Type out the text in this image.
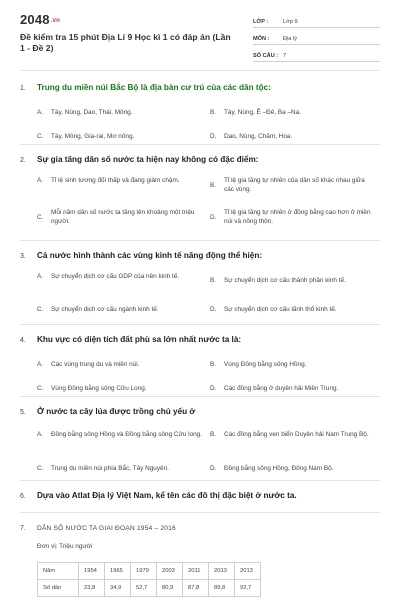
2048.vn
Đề kiểm tra 15 phút Địa Lí 9 Học kì 1 có đáp án (Lần 1 - Đề 2)
LỚP :	Lớp 9
MÔN :	Địa lý
SỐ CÂU : 7
1.	Trung du miền núi Bắc Bộ là địa bàn cư trú của các dân tộc:
A.	Tày, Nùng, Dao, Thái, Mông.	B.	Tày, Nùng, Ê –Đê, Ba –Na.
C.	Tày, Mông, Gia-rai, Mơ nông.	D.	Dao, Nùng, Chăm, Hoa.
2.	Sự gia tăng dân số nước ta hiện nay không có đặc điểm:
A.	Tỉ lệ sinh tương đối thấp và đang giảm chậm.
B.
Tỉ lệ gia tăng tự nhiên của dân số khác nhau giữa các vùng.
C.
Mỗi năm dân số nước ta tăng lên khoảng một triệu người.
D.
Tỉ lệ gia tăng tự nhiên ở đồng bằng cao hơn ở miền núi và nông thôn.
3.	Cả nước hình thành các vùng kinh tế năng động thể hiện:
A.	Sự chuyển dịch cơ cấu GDP của nền kinh tế.
B.	Sự chuyển dịch cơ cấu thành phần kinh tế.
C.	Sự chuyển dịch cơ cấu ngành kinh tế.	D.	Sự chuyển dịch cơ cấu lãnh thổ kinh tế.
4.	Khu vực có diện tích đất phù sa lớn nhất nước ta là:
A.	Các vùng trung du và miền núi.	B.	Vùng Đồng bằng sông Hồng.
C.	Vùng Đồng bằng sông Cửu Long.	D.	Các đồng bằng ở duyên hải Miền Trung.
5.	Ở nước ta cây lúa được trồng chủ yếu ở
A.	Đồng bằng sông Hồng và Đồng bằng sông Cửu long.	B.	Các đồng bằng ven biển Duyên hải Nam Trung Bộ.
C.	Trung du miền núi phía Bắc, Tây Nguyên.	D.	Đồng bằng sông Hồng, Đông Nam Bộ.
6.	Dựa vào Atlat Địa lý Việt Nam, kể tên các đô thị đặc biệt ở nước ta.
7.	DÂN SỐ NƯỚC TA GIAI ĐOẠN 1954 – 2016
Đơn vị: Triệu người
Năm	1954	1965	1979	2003	2011	2013	2013
Số dân	23,8	34,9	52,7	80,9	87,8	89,8	92,7
